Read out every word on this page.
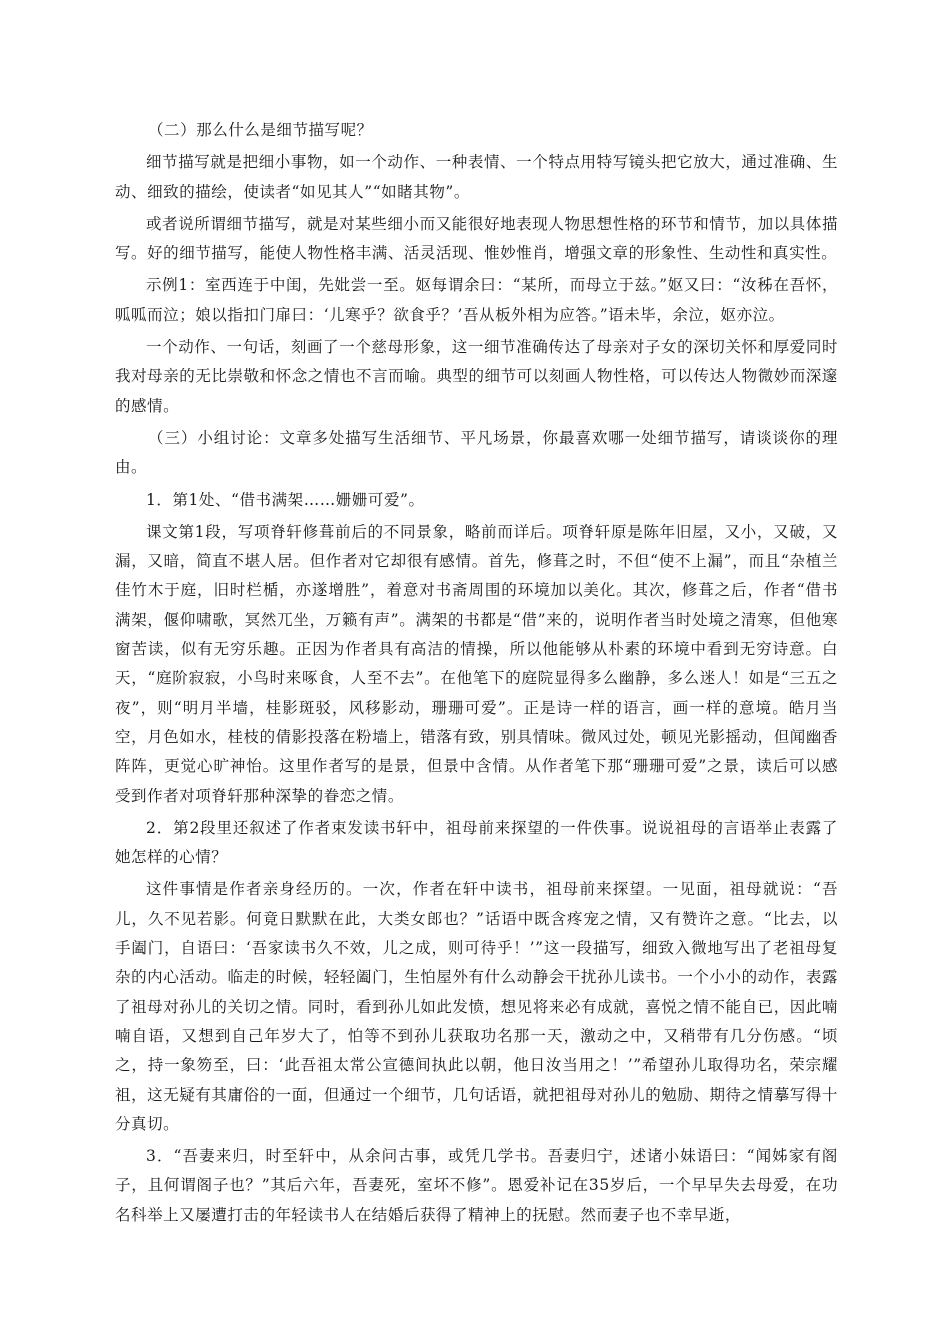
（二）那么什么是细节描写呢？

细节描写就是把细小事物，如一个动作、一种表情、一个特点用特写镜头把它放大，通过准确、生动、细致的描绘，使读者“如见其人”“如睹其物”。

或者说所谓细节描写，就是对某些细小而又能很好地表现人物思想性格的环节和情节，加以具体描写。好的细节描写，能使人物性格丰满、活灵活现、惟妙惟肖，增强文章的形象性、生动性和真实性。

示例1：室西连于中闺，先妣尝一至。妪每谓余曰：“某所，而母立于兹。”妪又曰：“汝秭在吾怀，呱呱而泣；娘以指扣门扉曰：‘儿寒乎？欲食乎？’吾从板外相为应答。”语未毕，余泣，妪亦泣。

一个动作、一句话，刻画了一个慈母形象，这一细节准确传达了母亲对子女的深切关怀和厚爱同时我对母亲的无比崇敬和怀念之情也不言而喻。典型的细节可以刻画人物性格，可以传达人物微妙而深邃的感情。

（三）小组讨论：文章多处描写生活细节、平凡场景，你最喜欢哪一处细节描写，请谈谈你的理由。

1．第1处、“借书满架……姗姗可爱”。

课文第1段，写项脊轩修葺前后的不同景象，略前而详后。项脊轩原是陈年旧屋，又小，又破，又漏，又暗，简直不堪人居。但作者对它却很有感情。首先，修葺之时，不但“使不上漏”，而且“杂植兰佳竹木于庭，旧时栏楯，亦遂增胜”，着意对书斋周围的环境加以美化。其次，修葺之后，作者“借书满架，偃仰啸歌，冥然兀坐，万籁有声”。满架的书都是“借”来的，说明作者当时处境之清寒，但他寒窗苦读，似有无穷乐趣。正因为作者具有高洁的情操，所以他能够从朴素的环境中看到无穷诗意。白天，“庭阶寂寂，小鸟时来啄食，人至不去”。在他笔下的庭院显得多么幽静，多么迷人！如是“三五之夜”，则“明月半墙，桂影斑驳，风移影动，珊珊可爱”。正是诗一样的语言，画一样的意境。皓月当空，月色如水，桂枝的倩影投落在粉墙上，错落有致，别具情味。微风过处，顿见光影摇动，但闻幽香阵阵，更觉心旷神怡。这里作者写的是景，但景中含情。从作者笔下那“珊珊可爱”之景，读后可以感受到作者对项脊轩那种深挚的眷恋之情。

2．第2段里还叙述了作者束发读书轩中，祖母前来探望的一件佚事。说说祖母的言语举止表露了她怎样的心情？

这件事情是作者亲身经历的。一次，作者在轩中读书，祖母前来探望。一见面，祖母就说：“吾儿，久不见若影。何竟日默默在此，大类女郎也？”话语中既含疼宠之情，又有赞许之意。“比去，以手阖门，自语曰：‘吾家读书久不效，儿之成，则可待乎！’”这一段描写，细致入微地写出了老祖母复杂的内心活动。临走的时候，轻轻阖门，生怕屋外有什么动静会干扰孙儿读书。一个小小的动作，表露了祖母对孙儿的关切之情。同时，看到孙儿如此发愤，想见将来必有成就，喜悦之情不能自已，因此喃喃自语，又想到自己年岁大了，怕等不到孙儿获取功名那一天，激动之中，又稍带有几分伤感。“顷之，持一象笏至，曰：‘此吾祖太常公宣德间执此以朝，他日汝当用之！’”希望孙儿取得功名，荣宗耀祖，这无疑有其庸俗的一面，但通过一个细节，几句话语，就把祖母对孙儿的勉励、期待之情摹写得十分真切。

3．“吾妻来归，时至轩中，从余问古事，或凭几学书。吾妻归宁，述诸小妹语曰：“闻姊家有阁子，且何谓阁子也？”其后六年，吾妻死，室坏不修”。恩爱补记在35岁后，一个早早失去母爱，在功名科举上又屡遭打击的年轻读书人在结婚后获得了精神上的抚慰。然而妻子也不幸早逝，
